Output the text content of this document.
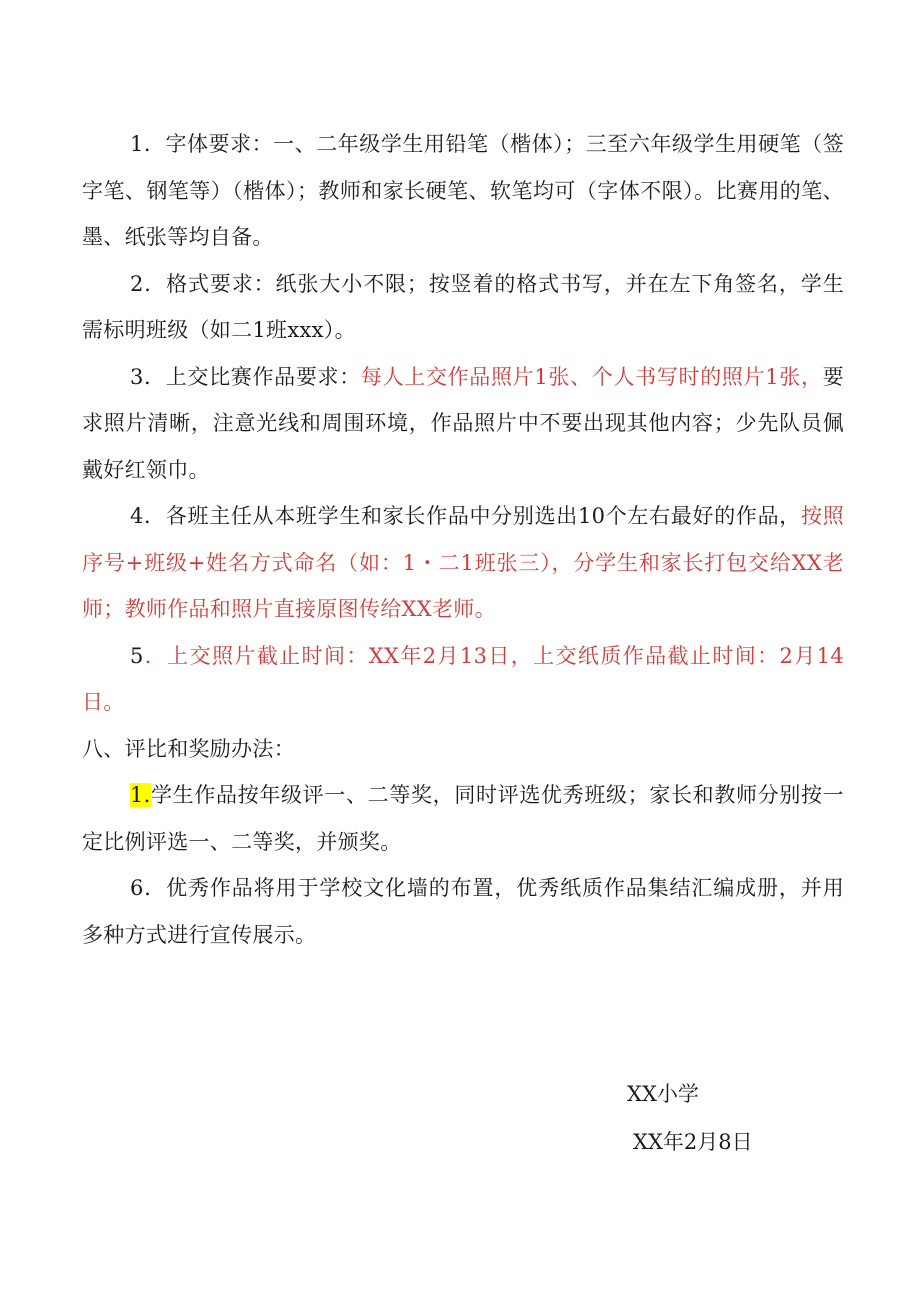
1．字体要求：一、二年级学生用铅笔（楷体）；三至六年级学生用硬笔（签字笔、钢笔等）（楷体）；教师和家长硬笔、软笔均可（字体不限）。比赛用的笔、墨、纸张等均自备。

2．格式要求：纸张大小不限；按竖着的格式书写，并在左下角签名，学生需标明班级（如二1班xxx）。

3．上交比赛作品要求：每人上交作品照片1张、个人书写时的照片1张，要求照片清晰，注意光线和周围环境，作品照片中不要出现其他内容；少先队员佩戴好红领巾。

4．各班主任从本班学生和家长作品中分别选出10个左右最好的作品，按照序号+班级+姓名方式命名（如：1・二1班张三），分学生和家长打包交给XX老师；教师作品和照片直接原图传给XX老师。

5．上交照片截止时间：XX年2月13日，上交纸质作品截止时间：2月14日。

八、评比和奖励办法：

1.学生作品按年级评一、二等奖，同时评选优秀班级；家长和教师分别按一定比例评选一、二等奖，并颁奖。

6．优秀作品将用于学校文化墙的布置，优秀纸质作品集结汇编成册，并用多种方式进行宣传展示。

XX小学
XX年2月8日
